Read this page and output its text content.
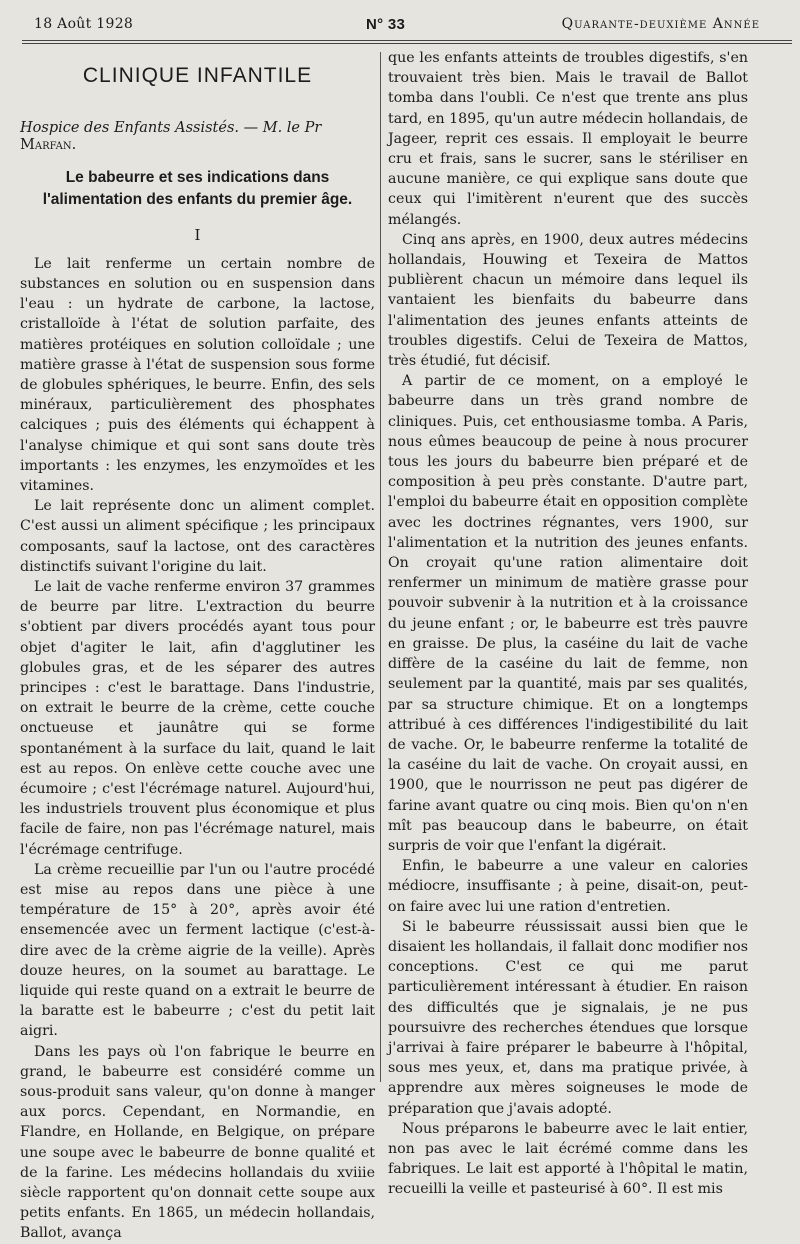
18 Août 1928	N° 33	Quarante-deuxième Année
CLINIQUE INFANTILE
Hospice des Enfants Assistés. — M. le Pr Marfan.
Le babeurre et ses indications dans
l'alimentation des enfants du premier âge.
I

Le lait renferme un certain nombre de substances en solution ou en suspension dans l'eau : un hydrate de carbone, la lactose, cristalloïde à l'état de solution parfaite, des matières protéiques en solution colloïdale ; une matière grasse à l'état de suspension sous forme de globules sphériques, le beurre. Enfin, des sels minéraux, particulièrement des phosphates calciques ; puis des éléments qui échappent à l'analyse chimique et qui sont sans doute très importants : les enzymes, les enzymoïdes et les vitamines.

Le lait représente donc un aliment complet. C'est aussi un aliment spécifique ; les principaux composants, sauf la lactose, ont des caractères distinctifs suivant l'origine du lait.

Le lait de vache renferme environ 37 grammes de beurre par litre. L'extraction du beurre s'obtient par divers procédés ayant tous pour objet d'agiter le lait, afin d'agglutiner les globules gras, et de les séparer des autres principes : c'est le barattage. Dans l'industrie, on extrait le beurre de la crème, cette couche onctueuse et jaunâtre qui se forme spontanément à la surface du lait, quand le lait est au repos. On enlève cette couche avec une écumoire ; c'est l'écrémage naturel. Aujourd'hui, les industriels trouvent plus économique et plus facile de faire, non pas l'écrémage naturel, mais l'écrémage centrifuge.

La crème recueillie par l'un ou l'autre procédé est mise au repos dans une pièce à une température de 15° à 20°, après avoir été ensemencée avec un ferment lactique (c'est-à-dire avec de la crème aigrie de la veille). Après douze heures, on la soumet au barattage. Le liquide qui reste quand on a extrait le beurre de la baratte est le babeurre ; c'est du petit lait aigri.

Dans les pays où l'on fabrique le beurre en grand, le babeurre est considéré comme un sous-produit sans valeur, qu'on donne à manger aux porcs. Cependant, en Normandie, en Flandre, en Hollande, en Belgique, on prépare une soupe avec le babeurre de bonne qualité et de la farine. Les médecins hollandais du xviiie siècle rapportent qu'on donnait cette soupe aux petits enfants. En 1865, un médecin hollandais, Ballot, avança

que les enfants atteints de troubles digestifs, s'en trouvaient très bien. Mais le travail de Ballot tomba dans l'oubli. Ce n'est que trente ans plus tard, en 1895, qu'un autre médecin hollandais, de Jageer, reprit ces essais. Il employait le beurre cru et frais, sans le sucrer, sans le stériliser en aucune manière, ce qui explique sans doute que ceux qui l'imitèrent n'eurent que des succès mélangés.

Cinq ans après, en 1900, deux autres médecins hollandais, Houwing et Texeira de Mattos publièrent chacun un mémoire dans lequel ils vantaient les bienfaits du babeurre dans l'alimentation des jeunes enfants atteints de troubles digestifs. Celui de Texeira de Mattos, très étudié, fut décisif.

A partir de ce moment, on a employé le babeurre dans un très grand nombre de cliniques. Puis, cet enthousiasme tomba. A Paris, nous eûmes beaucoup de peine à nous procurer tous les jours du babeurre bien préparé et de composition à peu près constante. D'autre part, l'emploi du babeurre était en opposition complète avec les doctrines régnantes, vers 1900, sur l'alimentation et la nutrition des jeunes enfants. On croyait qu'une ration alimentaire doit renfermer un minimum de matière grasse pour pouvoir subvenir à la nutrition et à la croissance du jeune enfant ; or, le babeurre est très pauvre en graisse. De plus, la caséine du lait de vache diffère de la caséine du lait de femme, non seulement par la quantité, mais par ses qualités, par sa structure chimique. Et on a longtemps attribué à ces différences l'indigestibilité du lait de vache. Or, le babeurre renferme la totalité de la caséine du lait de vache. On croyait aussi, en 1900, que le nourrisson ne peut pas digérer de farine avant quatre ou cinq mois. Bien qu'on n'en mît pas beaucoup dans le babeurre, on était surpris de voir que l'enfant la digérait.

Enfin, le babeurre a une valeur en calories médiocre, insuffisante ; à peine, disait-on, peut-on faire avec lui une ration d'entretien.

Si le babeurre réussissait aussi bien que le disaient les hollandais, il fallait donc modifier nos conceptions. C'est ce qui me parut particulièrement intéressant à étudier. En raison des difficultés que je signalais, je ne pus poursuivre des recherches étendues que lorsque j'arrivai à faire préparer le babeurre à l'hôpital, sous mes yeux, et, dans ma pratique privée, à apprendre aux mères soigneuses le mode de préparation que j'avais adopté.

Nous préparons le babeurre avec le lait entier, non pas avec le lait écrémé comme dans les fabriques. Le lait est apporté à l'hôpital le matin, recueilli la veille et pasteurisé à 60°. Il est mis
